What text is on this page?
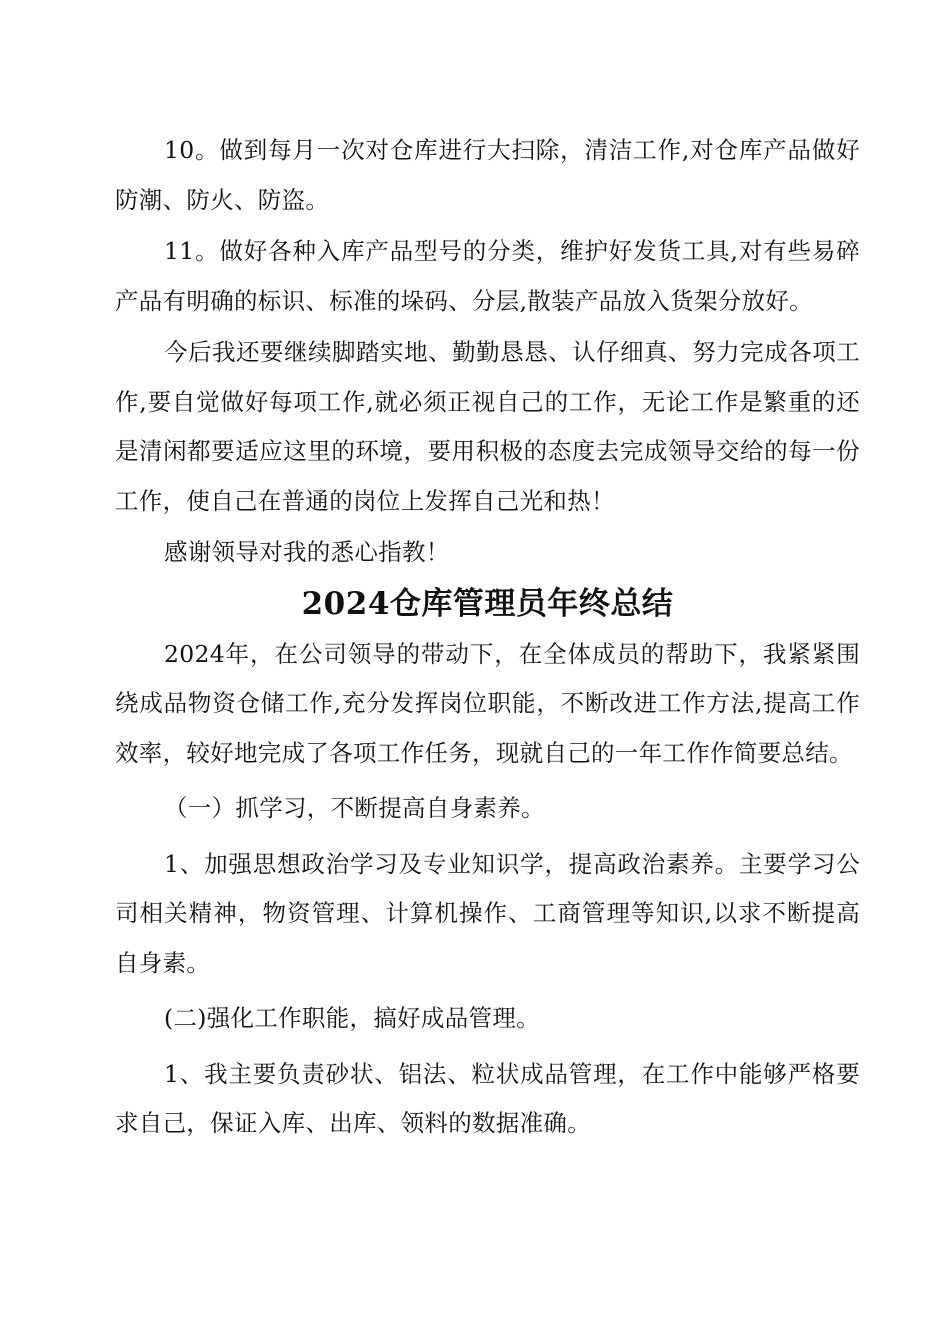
10。做到每月一次对仓库进行大扫除，清洁工作,对仓库产品做好防潮、防火、防盗。

11。做好各种入库产品型号的分类，维护好发货工具,对有些易碎产品有明确的标识、标准的垛码、分层,散装产品放入货架分放好。

今后我还要继续脚踏实地、勤勤恳恳、认仔细真、努力完成各项工作,要自觉做好每项工作,就必须正视自己的工作，无论工作是繁重的还是清闲都要适应这里的环境，要用积极的态度去完成领导交给的每一份工作，使自己在普通的岗位上发挥自己光和热！

感谢领导对我的悉心指教！

2024仓库管理员年终总结

2024年，在公司领导的带动下，在全体成员的帮助下，我紧紧围绕成品物资仓储工作,充分发挥岗位职能，不断改进工作方法,提高工作效率，较好地完成了各项工作任务，现就自己的一年工作作简要总结。

（一）抓学习，不断提高自身素养。

1、加强思想政治学习及专业知识学，提高政治素养。主要学习公司相关精神，物资管理、计算机操作、工商管理等知识,以求不断提高自身素。

(二)强化工作职能，搞好成品管理。

1、我主要负责砂状、铝法、粒状成品管理，在工作中能够严格要求自己，保证入库、出库、领料的数据准确。
